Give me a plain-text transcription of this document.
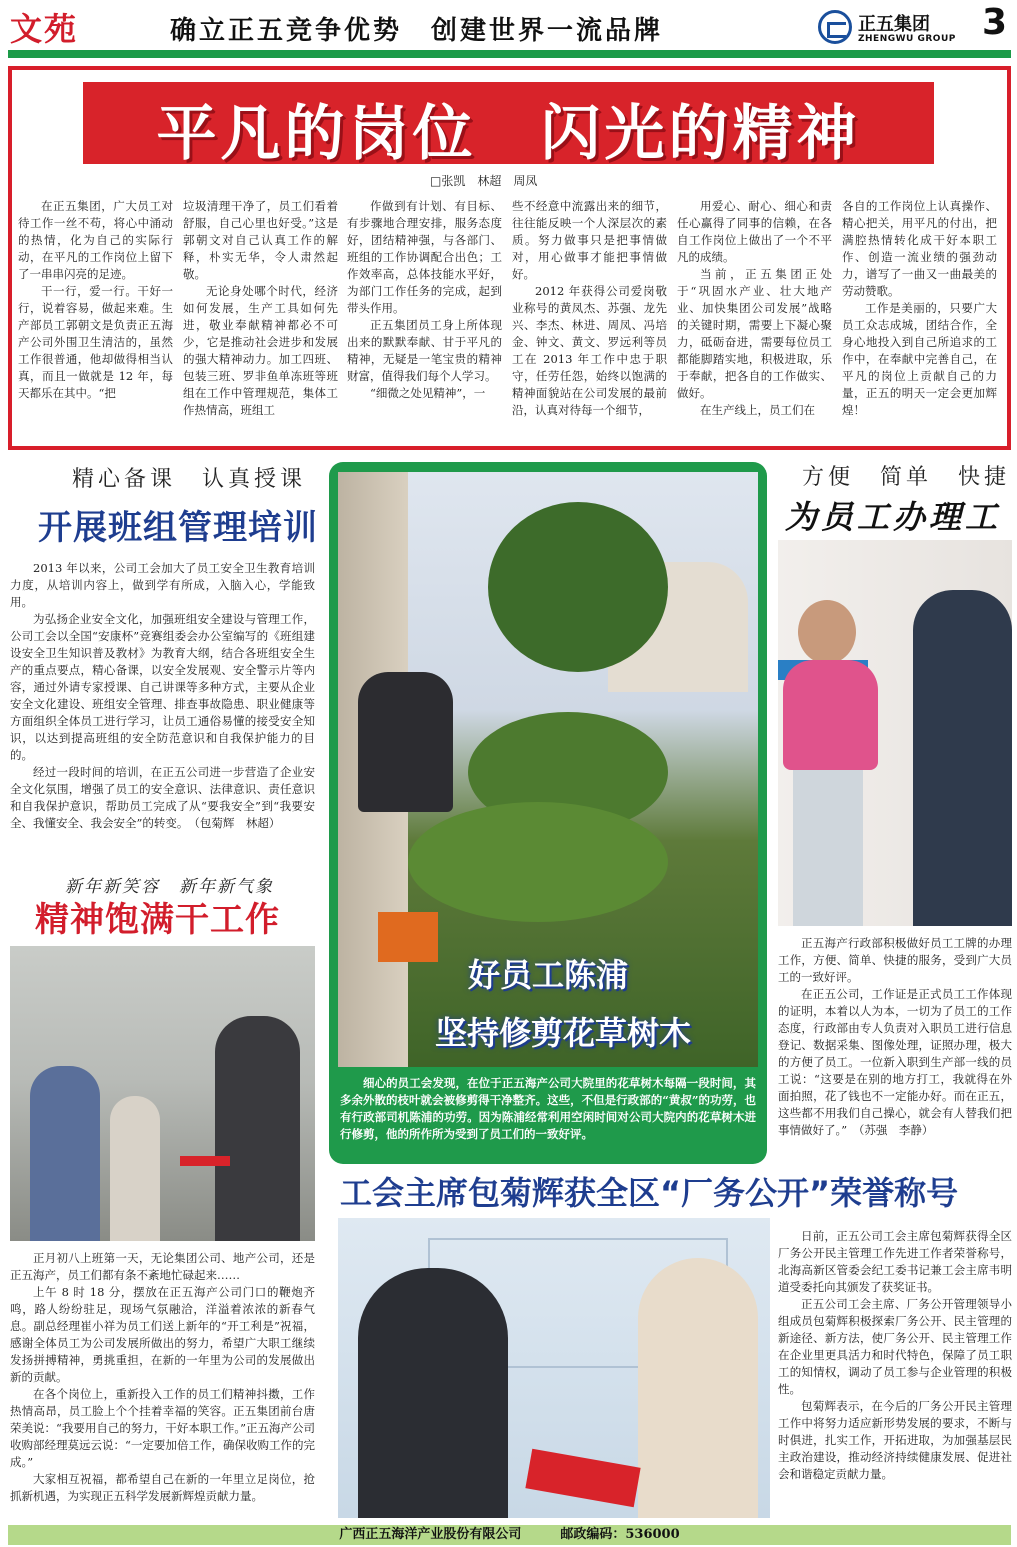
文苑	确立正五竞争优势　创建世界一流品牌	正五集团
ZHENGWU GROUP 3
平凡的岗位　闪光的精神
□张凯　林超　周凤

在正五集团，广大员工对待工作一丝不苟，将心中涌动的热情，化为自己的实际行动，在平凡的工作岗位上留下了一串串闪亮的足迹。

干一行，爱一行。干好一行，说着容易，做起来难。生产部员工郭朝文是负责正五海产公司外围卫生清洁的，虽然工作很普通，他却做得相当认真，而且一做就是 12 年，每天都乐在其中。“把

垃圾清理干净了，员工们看着舒服，自己心里也好受。”这是郭朝文对自己认真工作的解释，朴实无华，令人肃然起敬。

无论身处哪个时代，经济如何发展，生产工具如何先进，敬业奉献精神都必不可少，它是推动社会进步和发展的强大精神动力。加工四班、包装三班、罗非鱼单冻班等班组在工作中管理规范，集体工作热情高，班组工

作做到有计划、有目标、有步骤地合理安排，服务态度好，团结精神强，与各部门、班组的工作协调配合出色；工作效率高，总体技能水平好，为部门工作任务的完成，起到带头作用。

正五集团员工身上所体现出来的默默奉献、甘于平凡的精神，无疑是一笔宝贵的精神财富，值得我们每个人学习。

“细微之处见精神”，一

些不经意中流露出来的细节，往往能反映一个人深层次的素质。努力做事只是把事情做对，用心做事才能把事情做好。

2012 年获得公司爱岗敬业称号的黄凤杰、苏强、龙先兴、李杰、林进、周凤、冯培金、钟文、黄文、罗远利等员工在 2013 年工作中忠于职守，任劳任怨，始终以饱满的精神面貌站在公司发展的最前沿，认真对待每一个细节，

用爱心、耐心、细心和责任心赢得了同事的信赖，在各自工作岗位上做出了一个不平凡的成绩。

当前，正五集团正处于“巩固水产业、壮大地产业、加快集团公司发展”战略的关键时期，需要上下凝心聚力，砥砺奋进，需要每位员工都能脚踏实地，积极进取，乐于奉献，把各自的工作做实、做好。

在生产线上，员工们在

各自的工作岗位上认真操作、精心把关，用平凡的付出，把满腔热情转化成干好本职工作、创造一流业绩的强劲动力，谱写了一曲又一曲最美的劳动赞歌。

工作是美丽的，只要广大员工众志成城，团结合作，全身心地投入到自己所追求的工作中，在奉献中完善自己，在平凡的岗位上贡献自己的力量，正五的明天一定会更加辉煌！

精心备课　认真授课
开展班组管理培训

2013 年以来，公司工会加大了员工安全卫生教育培训力度，从培训内容上，做到学有所成，入脑入心，学能致用。

为弘扬企业安全文化，加强班组安全建设与管理工作，公司工会以全国“安康杯”竞赛组委会办公室编写的《班组建设安全卫生知识普及教材》为教育大纲，结合各班组安全生产的重点要点，精心备课，以安全发展观、安全警示片等内容，通过外请专家授课、自己讲课等多种方式，主要从企业安全文化建设、班组安全管理、排查事故隐患、职业健康等方面组织全体员工进行学习，让员工通俗易懂的接受安全知识，以达到提高班组的安全防范意识和自我保护能力的目的。

经过一段时间的培训，在正五公司进一步营造了企业安全文化氛围，增强了员工的安全意识、法律意识、责任意识和自我保护意识，帮助员工完成了从“要我安全”到“我要安全、我懂安全、我会安全”的转变。　（包菊辉　林超）

新年新笑容　新年新气象
精神饱满干工作

正月初八上班第一天，无论集团公司、地产公司，还是正五海产，员工们都有条不紊地忙碌起来……

上午 8 时 18 分，摆放在正五海产公司门口的鞭炮齐鸣，路人纷纷驻足，现场气氛融洽，洋溢着浓浓的新春气息。副总经理崔小祥为员工们送上新年的“开工利是”祝福，感谢全体员工为公司发展所做出的努力，希望广大职工继续发扬拼搏精神，勇挑重担，在新的一年里为公司的发展做出新的贡献。

在各个岗位上，重新投入工作的员工们精神抖擞，工作热情高昂，员工脸上个个挂着幸福的笑容。正五集团前台唐荣美说：“我要用自己的努力，干好本职工作。”正五海产公司收购部经理莫远云说：“一定要加倍工作，确保收购工作的完成。”

大家相互祝福，都希望自己在新的一年里立足岗位，抢抓新机遇，为实现正五科学发展新辉煌贡献力量。

好员工陈浦
坚持修剪花草树木
细心的员工会发现，在位于正五海产公司大院里的花草树木每隔一段时间，其多余外散的枝叶就会被修剪得干净整齐。这些，不但是行政部的“黄叔”的功劳，也有行政部司机陈浦的功劳。因为陈浦经常利用空闲时间对公司大院内的花草树木进行修剪，他的所作所为受到了员工们的一致好评。
方便　简单　快捷
为员工办理工

正五海产行政部积极做好员工工牌的办理工作，方便、简单、快捷的服务，受到广大员工的一致好评。

在正五公司，工作证是正式员工工作体现的证明，本着以人为本，一切为了员工的工作态度，行政部由专人负责对入职员工进行信息登记、数据采集、图像处理，证照办理，极大的方便了员工。一位新入职到生产部一线的员工说：“这要是在别的地方打工，我就得在外面拍照，花了钱也不一定能办好。而在正五，这些都不用我们自己操心，就会有人替我们把事情做好了。”　（苏强　李静）

工会主席包菊辉获全区“厂务公开”荣誉称号

日前，正五公司工会主席包菊辉获得全区厂务公开民主管理工作先进工作者荣誉称号，北海高新区管委会纪工委书记兼工会主席韦明道受委托向其颁发了获奖证书。

正五公司工会主席、厂务公开管理领导小组成员包菊辉积极探索厂务公开、民主管理的新途径、新方法，使厂务公开、民主管理工作在企业里更具活力和时代特色，保障了员工职工的知情权，调动了员工参与企业管理的积极性。

包菊辉表示，在今后的厂务公开民主管理工作中将努力适应新形势发展的要求，不断与时俱进，扎实工作，开拓进取，为加强基层民主政治建设，推动经济持续健康发展、促进社会和谐稳定贡献力量。

广西正五海洋产业股份有限公司　　　邮政编码：536000
